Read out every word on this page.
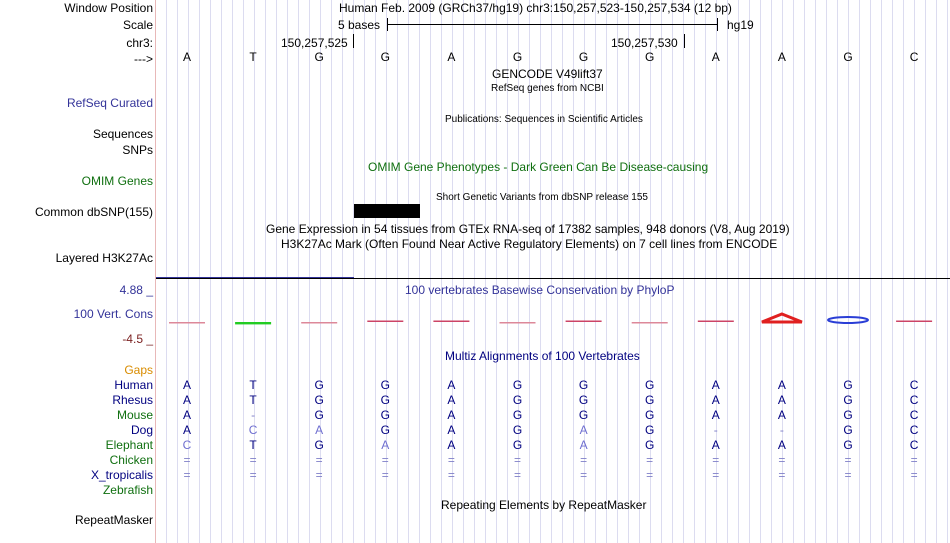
Window Position	Human Feb. 2009 (GRCh37/hg19) chr3:150,257,523-150,257,534 (12 bp)
Scale	5 bases	hg19
chr3:	150,257,525	150,257,530
--->	A	T	G	G	A	G	G	G	A	A	G	C
GENCODE V49lift37
RefSeq genes from NCBI
RefSeq Curated
Sequences
Publications: Sequences in Scientific Articles
SNPs
OMIM Gene Phenotypes - Dark Green Can Be Disease-causing
OMIM Genes
Short Genetic Variants from dbSNP release 155
Common dbSNP(155)
Gene Expression in 54 tissues from GTEx RNA-seq of 17382 samples, 948 donors (V8, Aug 2019)
H3K27Ac Mark (Often Found Near Active Regulatory Elements) on 7 cell lines from ENCODE
Layered H3K27Ac
100 vertebrates Basewise Conservation by PhyloP
4.88 _
100 Vert. Cons
-4.5 _
Multiz Alignments of 100 Vertebrates
Gaps
Human	A	T	G	G	A	G	G	G	A	A	G	C
Rhesus	A	T	G	G	A	G	G	G	A	A	G	C
Mouse	A	-	G	G	A	G	G	G	A	A	G	C
Dog	A	C	A	G	A	G	A	G	-	-	G	C
Elephant	C	T	G	A	A	G	A	G	A	A	G	C
Chicken	=	=	=	=	=	=	=	=	=	=	=	=
X_tropicalis	=	=	=	=	=	=	=	=	=	=	=	=
Zebrafish
Repeating Elements by RepeatMasker
RepeatMasker
